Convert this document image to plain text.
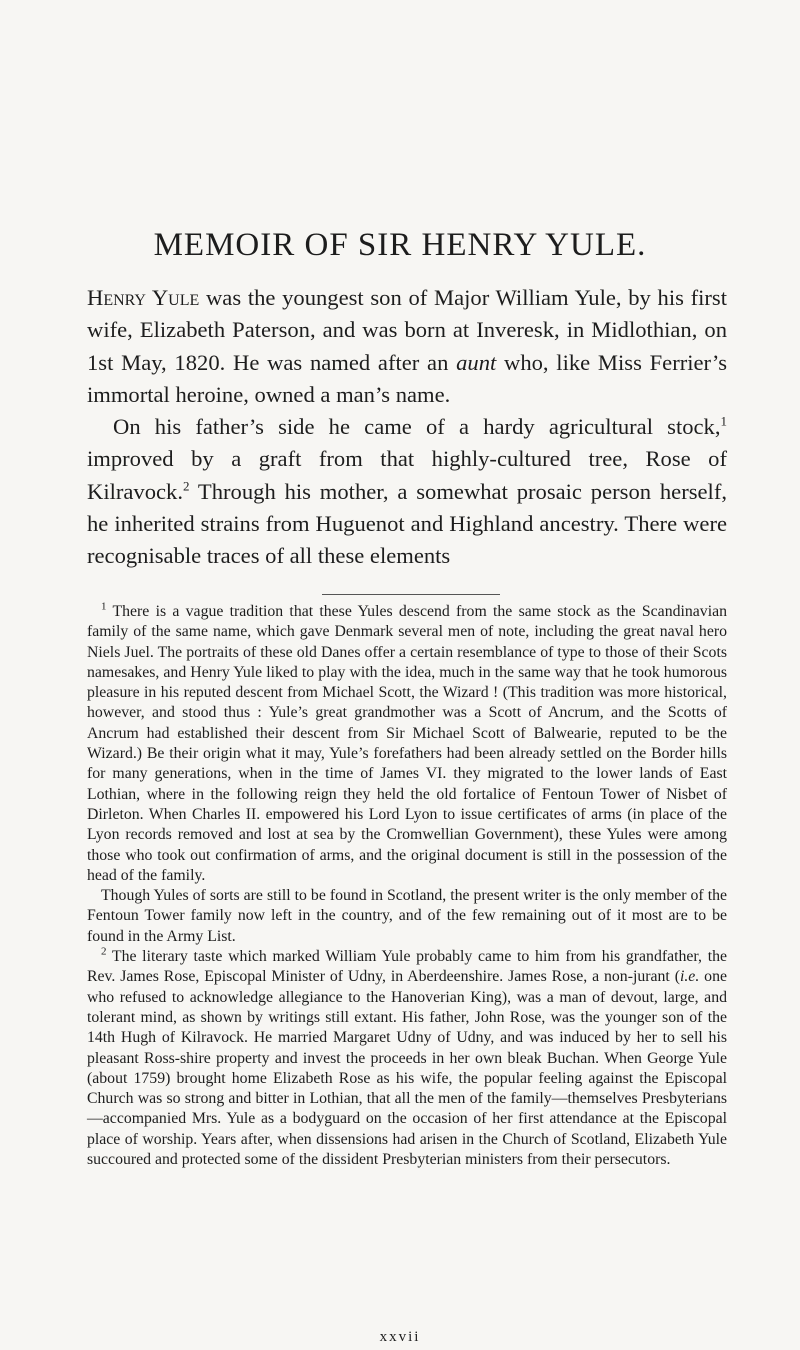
MEMOIR OF SIR HENRY YULE.

Henry Yule was the youngest son of Major William Yule, by his first wife, Elizabeth Paterson, and was born at Inveresk, in Midlothian, on 1st May, 1820. He was named after an aunt who, like Miss Ferrier’s immortal heroine, owned a man’s name.

On his father’s side he came of a hardy agricultural stock,$^1$ improved by a graft from that highly-cultured tree, Rose of Kilravock.$^2$ Through his mother, a somewhat prosaic person herself, he inherited strains from Huguenot and Highland ancestry. There were recognisable traces of all these elements

$^1$ There is a vague tradition that these Yules descend from the same stock as the Scandinavian family of the same name, which gave Denmark several men of note, including the great naval hero Niels Juel. The portraits of these old Danes offer a certain resemblance of type to those of their Scots namesakes, and Henry Yule liked to play with the idea, much in the same way that he took humorous pleasure in his reputed descent from Michael Scott, the Wizard ! (This tradition was more historical, however, and stood thus : Yule’s great grandmother was a Scott of Ancrum, and the Scotts of Ancrum had established their descent from Sir Michael Scott of Balwearie, reputed to be the Wizard.) Be their origin what it may, Yule’s forefathers had been already settled on the Border hills for many generations, when in the time of James VI. they migrated to the lower lands of East Lothian, where in the following reign they held the old fortalice of Fentoun Tower of Nisbet of Dirleton. When Charles II. empowered his Lord Lyon to issue certificates of arms (in place of the Lyon records removed and lost at sea by the Cromwellian Government), these Yules were among those who took out confirmation of arms, and the original document is still in the possession of the head of the family.

Though Yules of sorts are still to be found in Scotland, the present writer is the only member of the Fentoun Tower family now left in the country, and of the few remaining out of it most are to be found in the Army List.

$^2$ The literary taste which marked William Yule probably came to him from his grandfather, the Rev. James Rose, Episcopal Minister of Udny, in Aberdeenshire. James Rose, a non-jurant (i.e. one who refused to acknowledge allegiance to the Hanoverian King), was a man of devout, large, and tolerant mind, as shown by writings still extant. His father, John Rose, was the younger son of the 14th Hugh of Kilravock. He married Margaret Udny of Udny, and was induced by her to sell his pleasant Ross-shire property and invest the proceeds in her own bleak Buchan. When George Yule (about 1759) brought home Elizabeth Rose as his wife, the popular feeling against the Episcopal Church was so strong and bitter in Lothian, that all the men of the family—themselves Presbyterians—accompanied Mrs. Yule as a bodyguard on the occasion of her first attendance at the Episcopal place of worship. Years after, when dissensions had arisen in the Church of Scotland, Elizabeth Yule succoured and protected some of the dissident Presbyterian ministers from their persecutors.

xxvii
